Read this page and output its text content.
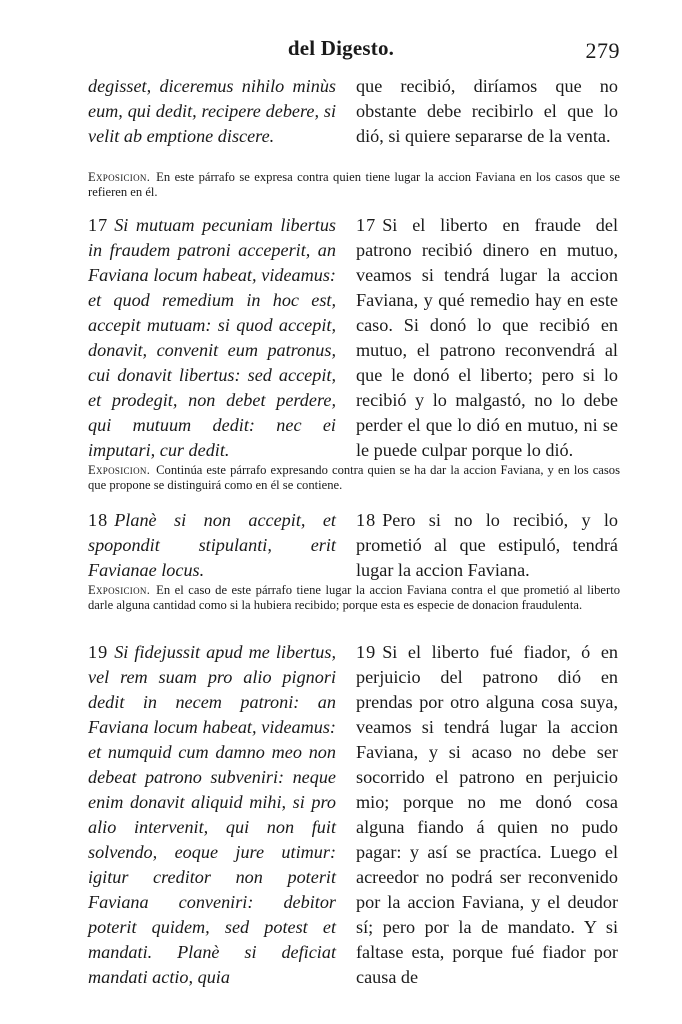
del Digesto.	279
degisset, diceremus nihilo minùs eum, qui dedit, recipere debere, si velit ab emptione discere.
que recibió, diríamos que no obstante debe recibirlo el que lo dió, si quiere separarse de la venta.
Exposicion. En este párrafo se expresa contra quien tiene lugar la accion Faviana en los casos que se refieren en él.
17 Si mutuam pecuniam libertus in fraudem patroni acceperit, an Faviana locum habeat, videamus: et quod remedium in hoc est, accepit mutuam: si quod accepit, donavit, convenit eum patronus, cui donavit libertus: sed accepit, et prodegit, non debet perdere, qui mutuum dedit: nec ei imputari, cur dedit.
17 Si el liberto en fraude del patrono recibió dinero en mutuo, veamos si tendrá lugar la accion Faviana, y qué remedio hay en este caso. Si donó lo que recibió en mutuo, el patrono reconvendrá al que le donó el liberto; pero si lo recibió y lo malgastó, no lo debe perder el que lo dió en mutuo, ni se le puede culpar porque lo dió.
Exposicion. Continúa este párrafo expresando contra quien se ha dar la accion Faviana, y en los casos que propone se distinguirá como en él se contiene.
18 Planè si non accepit, et spopondit stipulanti, erit Favianae locus.
18 Pero si no lo recibió, y lo prometió al que estipuló, tendrá lugar la accion Faviana.
Exposicion. En el caso de este párrafo tiene lugar la accion Faviana contra el que prometió al liberto darle alguna cantidad como si la hubiera recibido; porque esta es especie de donacion fraudulenta.
19 Si fidejussit apud me libertus, vel rem suam pro alio pignori dedit in necem patroni: an Faviana locum habeat, videamus: et numquid cum damno meo non debeat patrono subveniri: neque enim donavit aliquid mihi, si pro alio intervenit, qui non fuit solvendo, eoque jure utimur: igitur creditor non poterit Faviana conveniri: debitor poterit quidem, sed potest et mandati. Planè si deficiat mandati actio, quia
19 Si el liberto fué fiador, ó en perjuicio del patrono dió en prendas por otro alguna cosa suya, veamos si tendrá lugar la accion Faviana, y si acaso no debe ser socorrido el patrono en perjuicio mio; porque no me donó cosa alguna fiando á quien no pudo pagar: y así se practíca. Luego el acreedor no podrá ser reconvenido por la accion Faviana, y el deudor sí; pero por la de mandato. Y si faltase esta, porque fué fiador por causa de
